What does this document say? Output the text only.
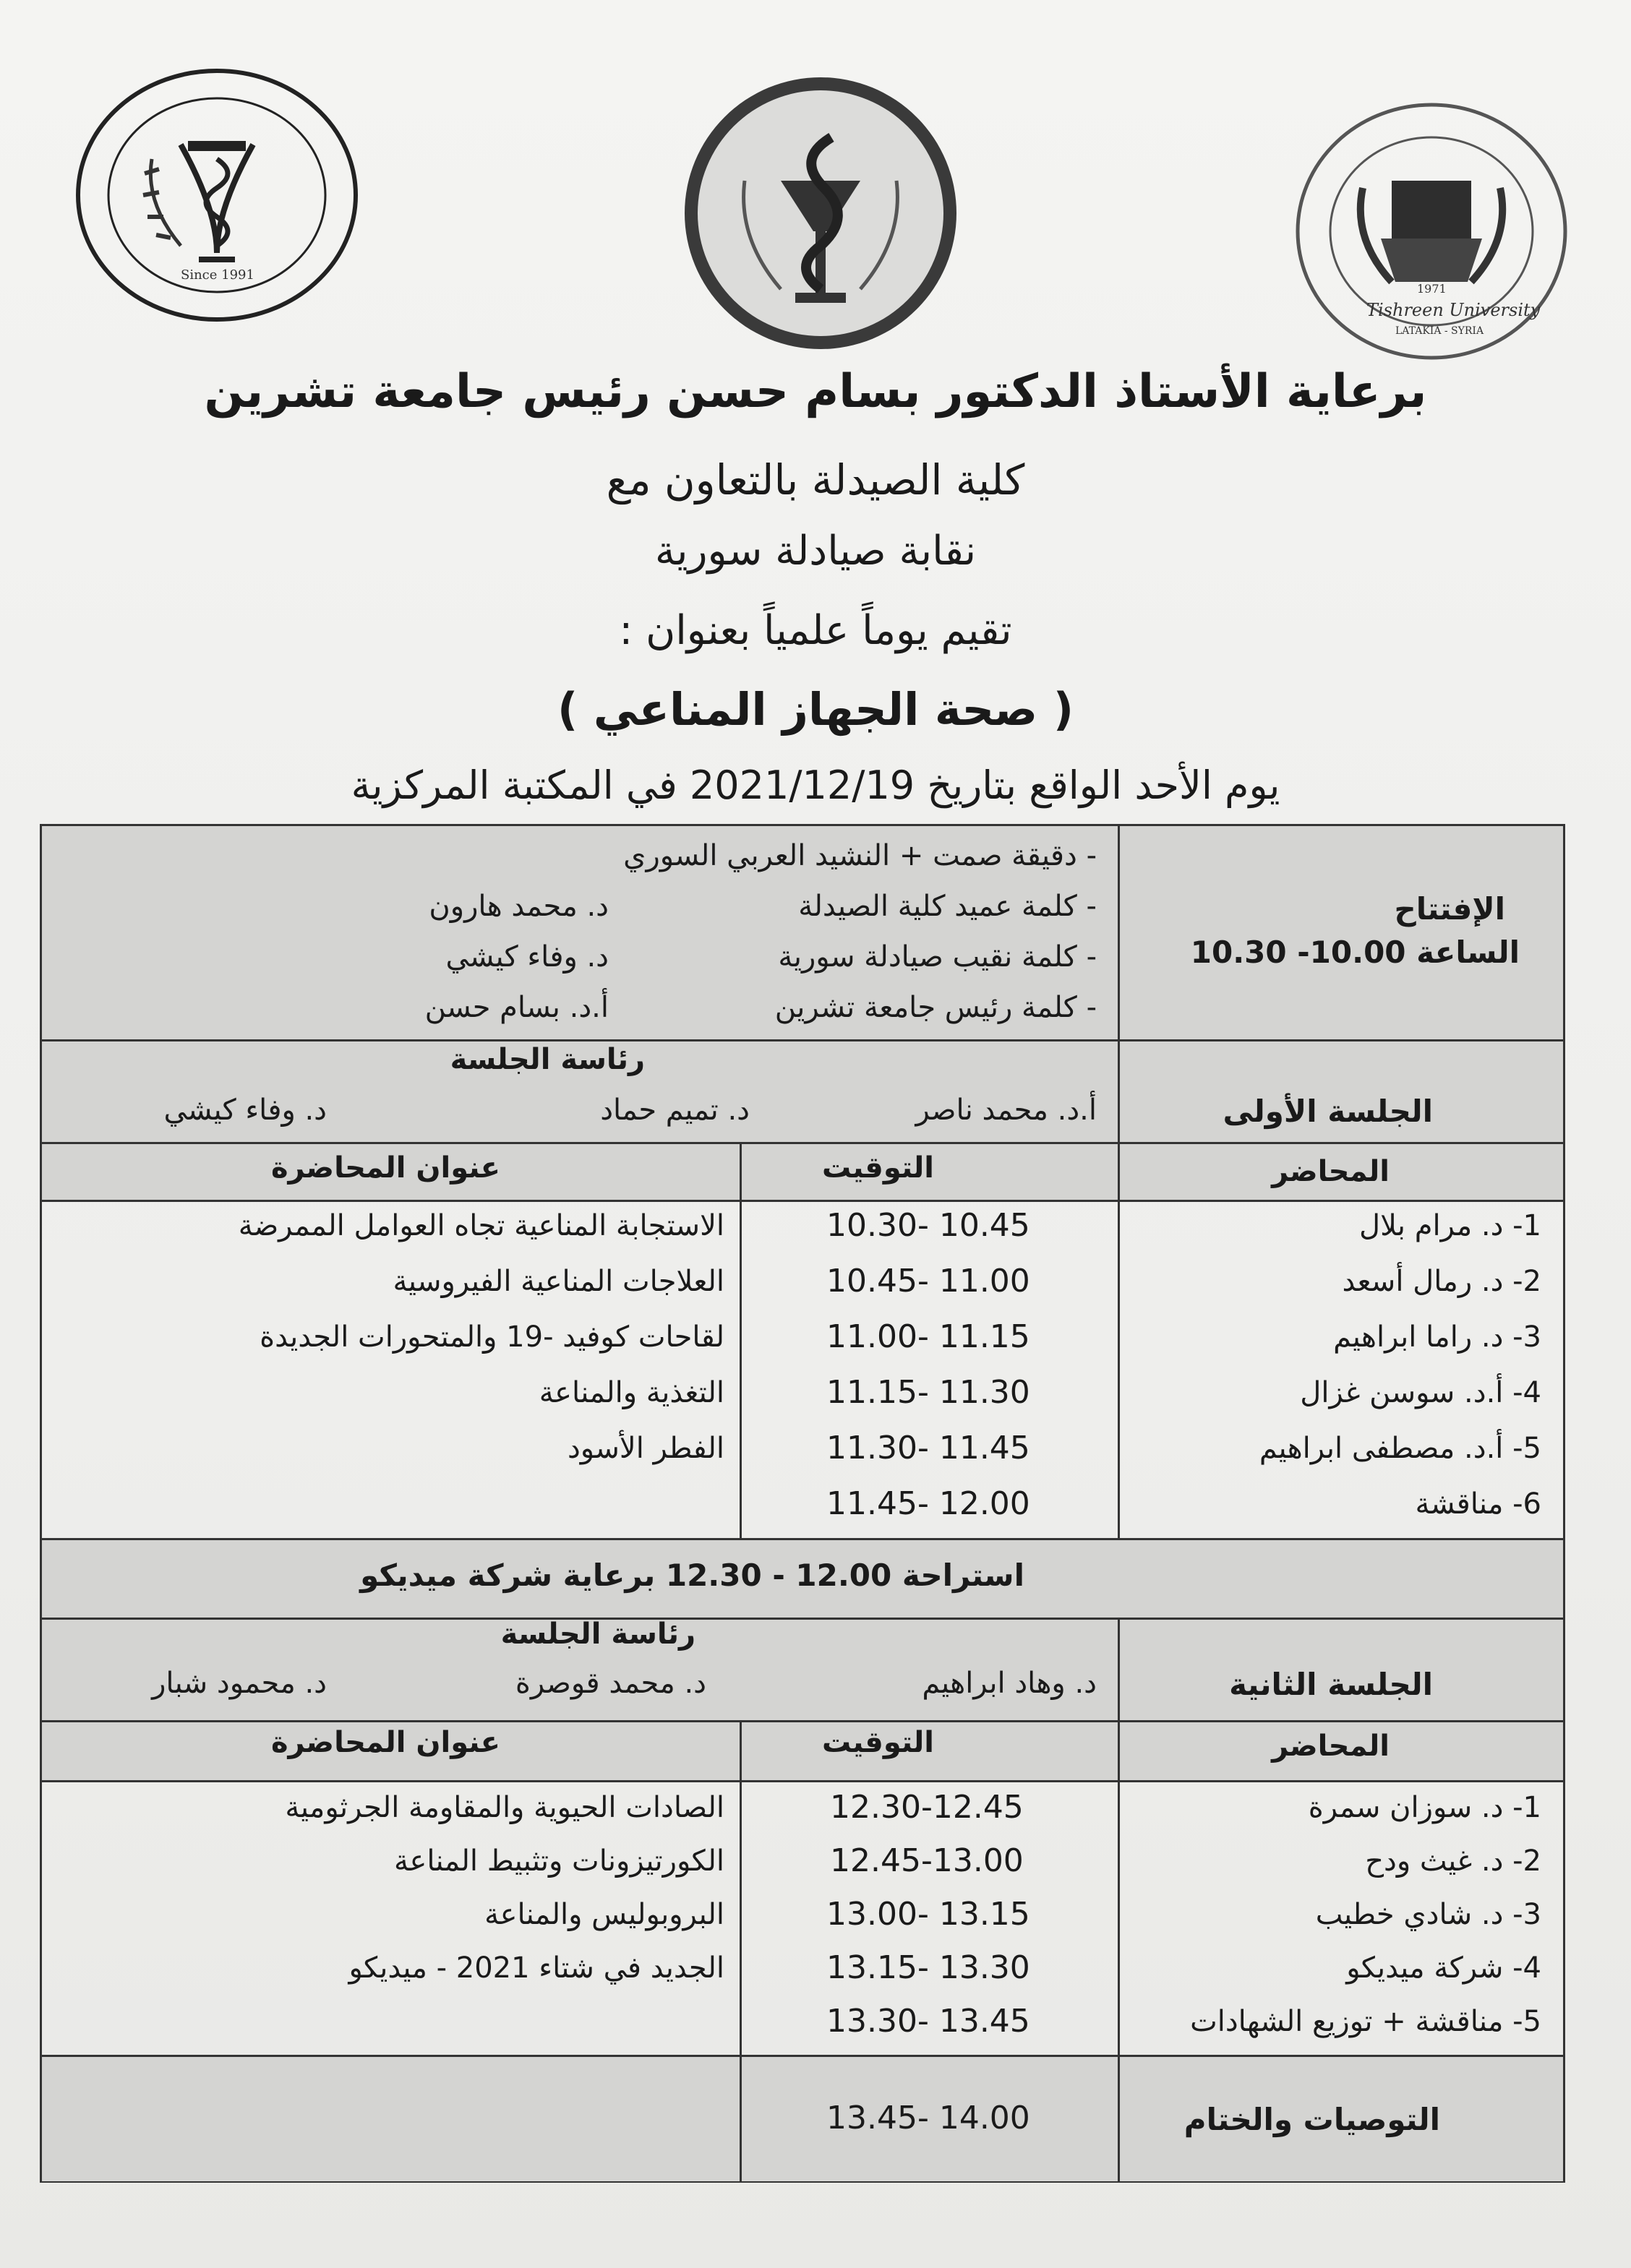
Since 1991
1971
Tishreen University
LATAKIA - SYRIA
برعاية الأستاذ الدكتور بسام حسن رئيس جامعة تشرين
كلية الصيدلة بالتعاون مع
نقابة صيادلة سورية
تقيم يوماً علمياً بعنوان :
( صحة الجهاز المناعي )
يوم الأحد الواقع بتاريخ 2021/12/19 في المكتبة المركزية
الإفتتاح
الساعة 10.00- 10.30
- دقيقة صمت + النشيد العربي السوري
- كلمة عميد كلية الصيدلة
- كلمة نقيب صيادلة سورية
- كلمة رئيس جامعة تشرين
د. محمد هارون
د. وفاء كيشي
أ.د. بسام حسن
الجلسة الأولى
رئاسة الجلسة
أ.د. محمد ناصر
د. تميم حماد
د. وفاء كيشي
المحاضر
التوقيت
عنوان المحاضرة
1- د. مرام بلال
2- د. رمال أسعد
3- د. راما ابراهيم
4- أ.د. سوسن غزال
5- أ.د. مصطفى ابراهيم
6- مناقشة
10.30- 10.45
10.45- 11.00
11.00- 11.15
11.15- 11.30
11.30- 11.45
11.45- 12.00
الاستجابة المناعية تجاه العوامل الممرضة
العلاجات المناعية الفيروسية
لقاحات كوفيد -19 والمتحورات الجديدة
التغذية والمناعة
الفطر الأسود
استراحة 12.00 - 12.30 برعاية شركة ميديكو
الجلسة الثانية
رئاسة الجلسة
د. وهاد ابراهيم
د. محمد قوصرة
د. محمود شبار
المحاضر
التوقيت
عنوان المحاضرة
1- د. سوزان سمرة
2- د. غيث ودح
3- د. شادي خطيب
4- شركة ميديكو
5- مناقشة + توزيع الشهادات
12.30-12.45
12.45-13.00
13.00- 13.15
13.15- 13.30
13.30- 13.45
الصادات الحيوية والمقاومة الجرثومية
الكورتيزونات وتثبيط المناعة
البروبوليس والمناعة
الجديد في شتاء 2021 - ميديكو
التوصيات والختام
13.45- 14.00
